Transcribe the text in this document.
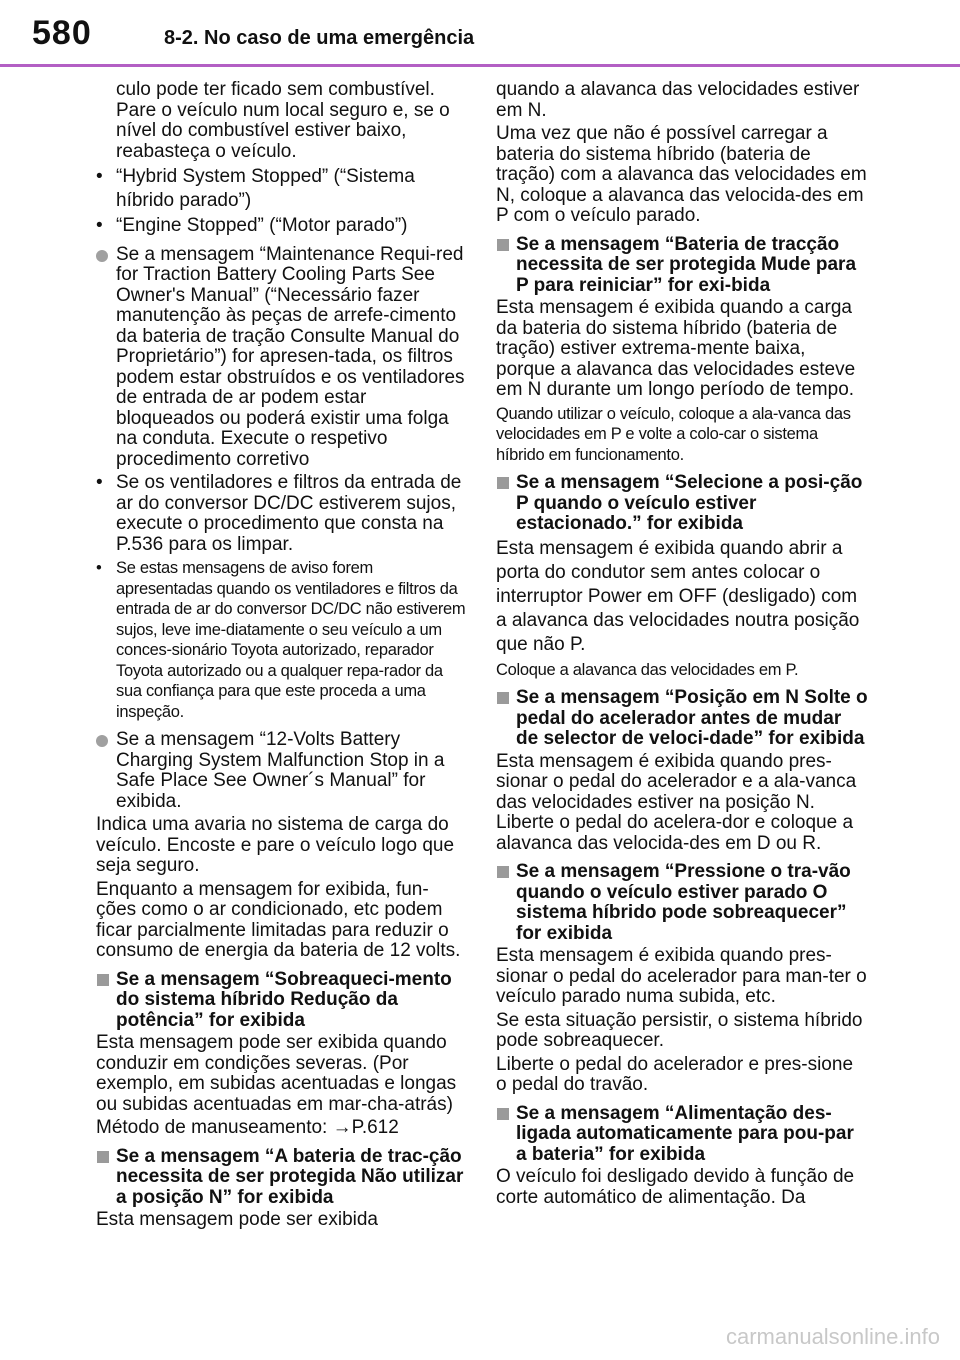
580	8-2. No caso de uma emergência

culo pode ter ficado sem combustível. Pare o veículo num local seguro e, se o nível do combustível estiver baixo, reabasteça o veículo.

• “Hybrid System Stopped” (“Sistema híbrido parado”)
• “Engine Stopped” (“Motor parado”)
Se a mensagem “Maintenance Requi-red for Traction Battery Cooling Parts See Owner's Manual” (“Necessário fazer manutenção às peças de arrefe-cimento da bateria de tração Consulte Manual do Proprietário”) for apresen-tada, os filtros podem estar obstruídos e os ventiladores de entrada de ar podem estar bloqueados ou poderá existir uma folga na conduta. Execute o respetivo procedimento corretivo
• Se os ventiladores e filtros da entrada de ar do conversor DC/DC estiverem sujos, execute o procedimento que consta na P.536 para os limpar.
• Se estas mensagens de aviso forem apresentadas quando os ventiladores e filtros da entrada de ar do conversor DC/DC não estiverem sujos, leve ime-diatamente o seu veículo a um conces-sionário Toyota autorizado, reparador Toyota autorizado ou a qualquer repa-rador da sua confiança para que este proceda a uma inspeção.
Se a mensagem “12-Volts Battery Charging System Malfunction Stop in a Safe Place See Owner´s Manual” for exibida.

Indica uma avaria no sistema de carga do veículo. Encoste e pare o veículo logo que seja seguro.

Enquanto a mensagem for exibida, fun-ções como o ar condicionado, etc podem ficar parcialmente limitadas para reduzir o consumo de energia da bateria de 12 volts.

Se a mensagem “Sobreaqueci-mento do sistema híbrido Redução da potência” for exibida

Esta mensagem pode ser exibida quando conduzir em condições severas. (Por exemplo, em subidas acentuadas e longas ou subidas acentuadas em mar-cha-atrás)

Método de manuseamento: →P.612

Se a mensagem “A bateria de trac-ção necessita de ser protegida Não utilizar a posição N” for exibida

Esta mensagem pode ser exibida

quando a alavanca das velocidades estiver em N.

Uma vez que não é possível carregar a bateria do sistema híbrido (bateria de tração) com a alavanca das velocidades em N, coloque a alavanca das velocida-des em P com o veículo parado.

Se a mensagem “Bateria de tracção necessita de ser protegida Mude para P para reiniciar” for exi-bida

Esta mensagem é exibida quando a carga da bateria do sistema híbrido (bateria de tração) estiver extrema-mente baixa, porque a alavanca das velocidades esteve em N durante um longo período de tempo.

Quando utilizar o veículo, coloque a ala-vanca das velocidades em P e volte a colo-car o sistema híbrido em funcionamento.

Se a mensagem “Selecione a posi-ção P quando o veículo estiver estacionado.” for exibida

Esta mensagem é exibida quando abrir a porta do condutor sem antes colocar o interruptor Power em OFF (desligado) com a alavanca das velocidades noutra posição que não P.

Coloque a alavanca das velocidades em P.

Se a mensagem “Posição em N Solte o pedal do acelerador antes de mudar de selector de veloci-dade” for exibida

Esta mensagem é exibida quando pres-sionar o pedal do acelerador e a ala-vanca das velocidades estiver na posição N. Liberte o pedal do acelera-dor e coloque a alavanca das velocida-des em D ou R.

Se a mensagem “Pressione o tra-vão quando o veículo estiver parado O sistema híbrido pode sobreaquecer” for exibida

Esta mensagem é exibida quando pres-sionar o pedal do acelerador para man-ter o veículo parado numa subida, etc.

Se esta situação persistir, o sistema híbrido pode sobreaquecer.

Liberte o pedal do acelerador e pres-sione o pedal do travão.

Se a mensagem “Alimentação des-ligada automaticamente para pou-par a bateria” for exibida

O veículo foi desligado devido à função de corte automático de alimentação. Da

carmanualsonline.info
